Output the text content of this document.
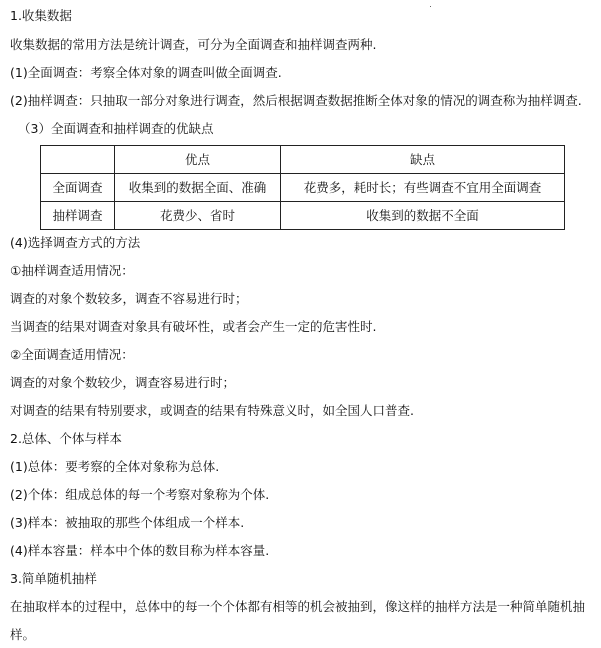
1.收集数据
收集数据的常用方法是统计调查，可分为全面调查和抽样调查两种.
(1)全面调查：考察全体对象的调查叫做全面调查.
(2)抽样调查：只抽取一部分对象进行调查，然后根据调查数据推断全体对象的情况的调查称为抽样调查.
（3）全面调查和抽样调查的优缺点
	优点	缺点
全面调查	收集到的数据全面、准确	花费多，耗时长；有些调查不宜用全面调查
抽样调查	花费少、省时	收集到的数据不全面
(4)选择调查方式的方法
①抽样调查适用情况：
调查的对象个数较多，调查不容易进行时；
当调查的结果对调查对象具有破坏性，或者会产生一定的危害性时.
②全面调查适用情况：
调查的对象个数较少，调查容易进行时；
对调查的结果有特别要求，或调查的结果有特殊意义时，如全国人口普查.
2.总体、个体与样本
(1)总体：要考察的全体对象称为总体.
(2)个体：组成总体的每一个考察对象称为个体.
(3)样本：被抽取的那些个体组成一个样本.
(4)样本容量：样本中个体的数目称为样本容量.
3.简单随机抽样
在抽取样本的过程中，总体中的每一个个体都有相等的机会被抽到，像这样的抽样方法是一种简单随机抽
样。
